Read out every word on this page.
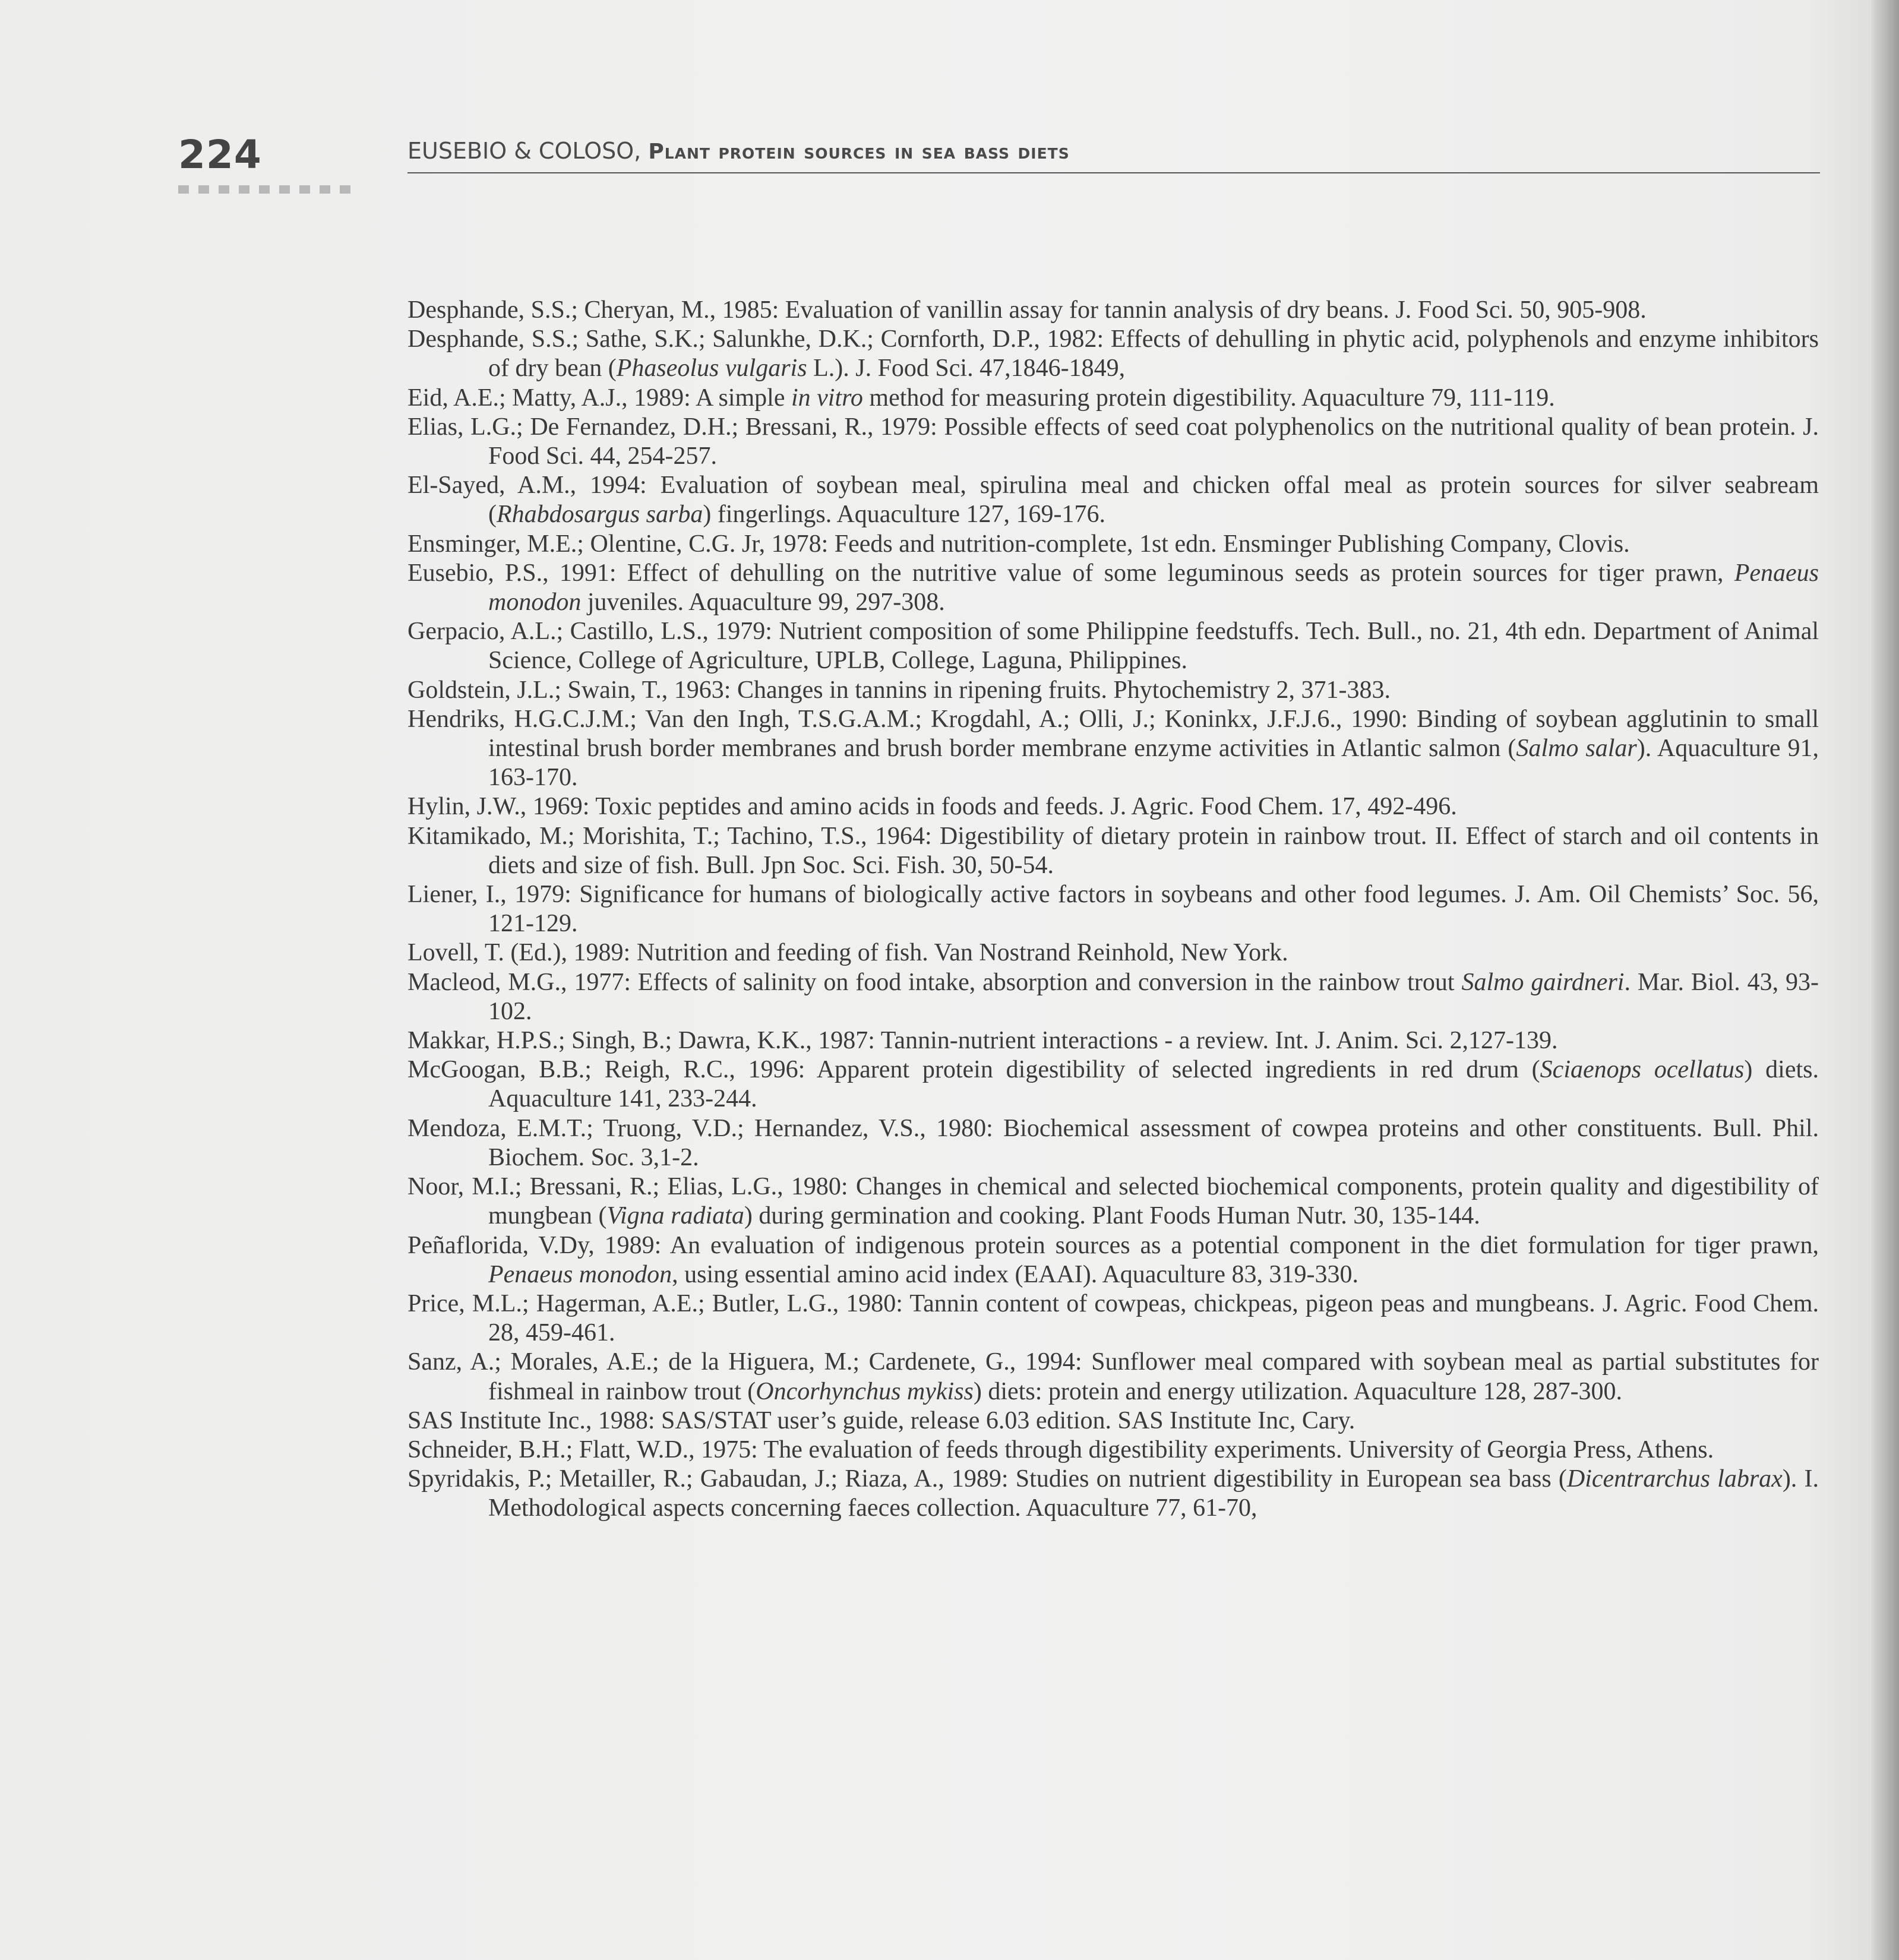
224	EUSEBIO & COLOSO, Plant protein sources in sea bass diets
Desphande, S.S.; Cheryan, M., 1985: Evaluation of vanillin assay for tannin analysis of dry beans. J. Food Sci. 50, 905-908.
Desphande, S.S.; Sathe, S.K.; Salunkhe, D.K.; Cornforth, D.P., 1982: Effects of dehulling in phytic acid, polyphenols and enzyme inhibitors of dry bean (Phaseolus vulgaris L.). J. Food Sci. 47,1846-1849,
Eid, A.E.; Matty, A.J., 1989: A simple in vitro method for measuring protein digestibility. Aquaculture 79, 111-119.
Elias, L.G.; De Fernandez, D.H.; Bressani, R., 1979: Possible effects of seed coat polyphenolics on the nutritional quality of bean protein. J. Food Sci. 44, 254-257.
El-Sayed, A.M., 1994: Evaluation of soybean meal, spirulina meal and chicken offal meal as protein sources for silver seabream (Rhabdosargus sarba) fingerlings. Aquaculture 127, 169-176.
Ensminger, M.E.; Olentine, C.G. Jr, 1978: Feeds and nutrition-complete, 1st edn. Ensminger Publishing Company, Clovis.
Eusebio, P.S., 1991: Effect of dehulling on the nutritive value of some leguminous seeds as protein sources for tiger prawn, Penaeus monodon juveniles. Aquaculture 99, 297-308.
Gerpacio, A.L.; Castillo, L.S., 1979: Nutrient composition of some Philippine feedstuffs. Tech. Bull., no. 21, 4th edn. Department of Animal Science, College of Agriculture, UPLB, College, Laguna, Philippines.
Goldstein, J.L.; Swain, T., 1963: Changes in tannins in ripening fruits. Phytochemistry 2, 371-383.
Hendriks, H.G.C.J.M.; Van den Ingh, T.S.G.A.M.; Krogdahl, A.; Olli, J.; Koninkx, J.F.J.6., 1990: Binding of soybean agglutinin to small intestinal brush border membranes and brush border membrane enzyme activities in Atlantic salmon (Salmo salar). Aquaculture 91, 163-170.
Hylin, J.W., 1969: Toxic peptides and amino acids in foods and feeds. J. Agric. Food Chem. 17, 492-496.
Kitamikado, M.; Morishita, T.; Tachino, T.S., 1964: Digestibility of dietary protein in rainbow trout. II. Effect of starch and oil contents in diets and size of fish. Bull. Jpn Soc. Sci. Fish. 30, 50-54.
Liener, I., 1979: Significance for humans of biologically active factors in soybeans and other food legumes. J. Am. Oil Chemists’ Soc. 56, 121-129.
Lovell, T. (Ed.), 1989: Nutrition and feeding of fish. Van Nostrand Reinhold, New York.
Macleod, M.G., 1977: Effects of salinity on food intake, absorption and conversion in the rainbow trout Salmo gairdneri. Mar. Biol. 43, 93-102.
Makkar, H.P.S.; Singh, B.; Dawra, K.K., 1987: Tannin-nutrient interactions - a review. Int. J. Anim. Sci. 2,127-139.
McGoogan, B.B.; Reigh, R.C., 1996: Apparent protein digestibility of selected ingredients in red drum (Sciaenops ocellatus) diets. Aquaculture 141, 233-244.
Mendoza, E.M.T.; Truong, V.D.; Hernandez, V.S., 1980: Biochemical assessment of cowpea proteins and other constituents. Bull. Phil. Biochem. Soc. 3,1-2.
Noor, M.I.; Bressani, R.; Elias, L.G., 1980: Changes in chemical and selected biochemical components, protein quality and digestibility of mungbean (Vigna radiata) during germination and cooking. Plant Foods Human Nutr. 30, 135-144.
Peñaflorida, V.Dy, 1989: An evaluation of indigenous protein sources as a potential component in the diet formulation for tiger prawn, Penaeus monodon, using essential amino acid index (EAAI). Aquaculture 83, 319-330.
Price, M.L.; Hagerman, A.E.; Butler, L.G., 1980: Tannin content of cowpeas, chickpeas, pigeon peas and mungbeans. J. Agric. Food Chem. 28, 459-461.
Sanz, A.; Morales, A.E.; de la Higuera, M.; Cardenete, G., 1994: Sunflower meal compared with soybean meal as partial substitutes for fishmeal in rainbow trout (Oncorhynchus mykiss) diets: protein and energy utilization. Aquaculture 128, 287-300.
SAS Institute Inc., 1988: SAS/STAT user’s guide, release 6.03 edition. SAS Institute Inc, Cary.
Schneider, B.H.; Flatt, W.D., 1975: The evaluation of feeds through digestibility experiments. University of Georgia Press, Athens.
Spyridakis, P.; Metailler, R.; Gabaudan, J.; Riaza, A., 1989: Studies on nutrient digestibility in European sea bass (Dicentrarchus labrax). I. Methodological aspects concerning faeces collection. Aquaculture 77, 61-70,
